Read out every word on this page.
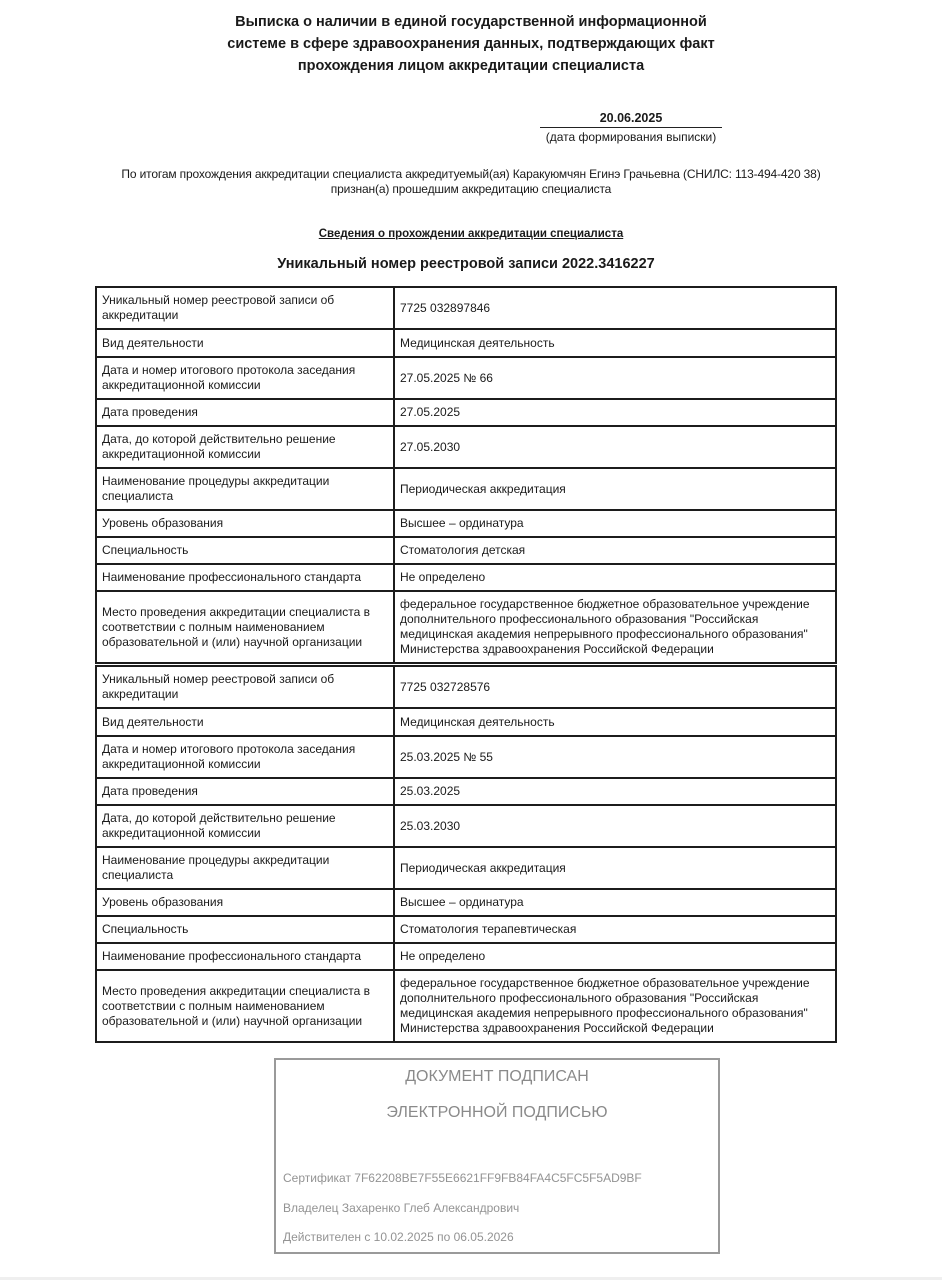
Выписка о наличии в единой государственной информационной
системе в сфере здравоохранения данных, подтверждающих факт
прохождения лицом аккредитации специалиста
20.06.2025
(дата формирования выписки)
По итогам прохождения аккредитации специалиста аккредитуемый(ая) Каракуюмчян Егинэ Грачьевна (СНИЛС: 113-494-420 38)
признан(а) прошедшим аккредитацию специалиста
Сведения о прохождении аккредитации специалиста
Уникальный номер реестровой записи 2022.3416227
Уникальный номер реестровой записи об аккредитации	7725 032897846
Вид деятельности	Медицинская деятельность
Дата и номер итогового протокола заседания аккредитационной комиссии	27.05.2025 № 66
Дата проведения	27.05.2025
Дата, до которой действительно решение аккредитационной комиссии	27.05.2030
Наименование процедуры аккредитации специалиста	Периодическая аккредитация
Уровень образования	Высшее – ординатура
Специальность	Стоматология детская
Наименование профессионального стандарта	Не определено
Место проведения аккредитации специалиста в соответствии с полным наименованием образовательной и (или) научной организации	федеральное государственное бюджетное образовательное учреждение дополнительного профессионального образования "Российская медицинская академия непрерывного профессионального образования" Министерства здравоохранения Российской Федерации
Уникальный номер реестровой записи об аккредитации	7725 032728576
Вид деятельности	Медицинская деятельность
Дата и номер итогового протокола заседания аккредитационной комиссии	25.03.2025 № 55
Дата проведения	25.03.2025
Дата, до которой действительно решение аккредитационной комиссии	25.03.2030
Наименование процедуры аккредитации специалиста	Периодическая аккредитация
Уровень образования	Высшее – ординатура
Специальность	Стоматология терапевтическая
Наименование профессионального стандарта	Не определено
Место проведения аккредитации специалиста в соответствии с полным наименованием образовательной и (или) научной организации	федеральное государственное бюджетное образовательное учреждение дополнительного профессионального образования "Российская медицинская академия непрерывного профессионального образования" Министерства здравоохранения Российской Федерации
ДОКУМЕНТ ПОДПИСАН
ЭЛЕКТРОННОЙ ПОДПИСЬЮ
Сертификат 7F62208BE7F55E6621FF9FB84FA4C5FC5F5AD9BF
Владелец Захаренко Глеб Александрович
Действителен с 10.02.2025 по 06.05.2026
